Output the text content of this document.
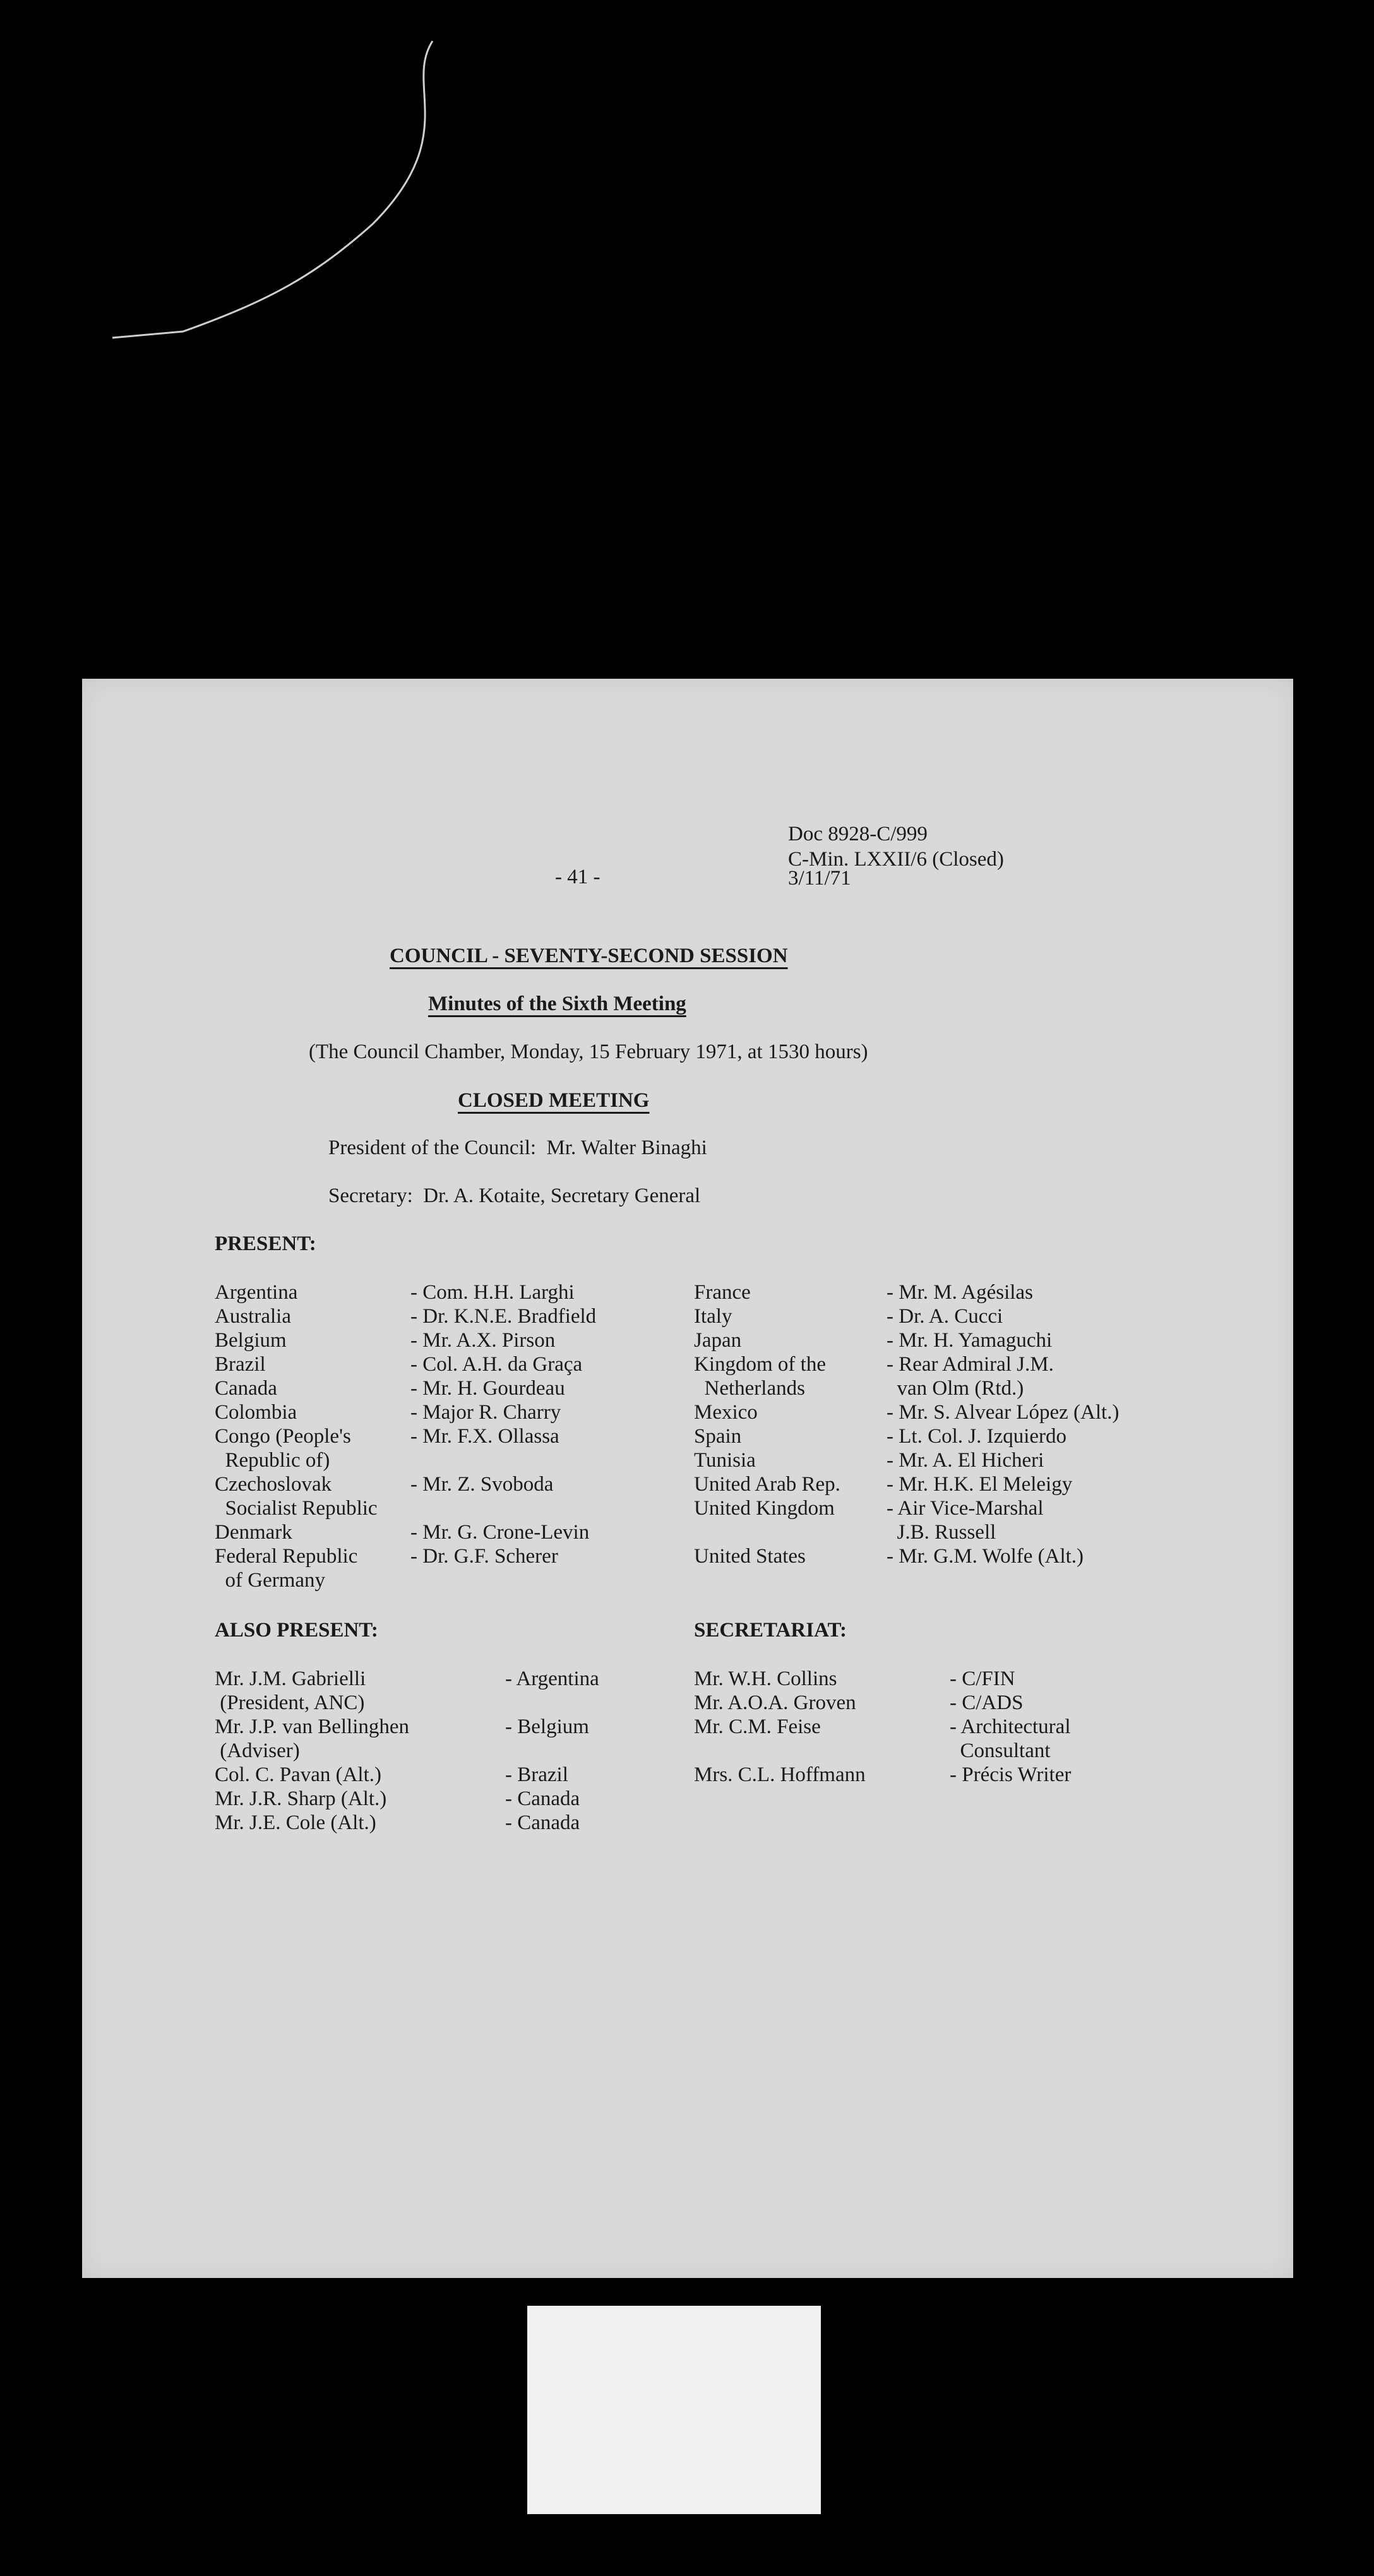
Doc 8928-C/999
C-Min. LXXII/6 (Closed)
- 41 -	3/11/71
COUNCIL - SEVENTY-SECOND SESSION
Minutes of the Sixth Meeting
(The Council Chamber, Monday, 15 February 1971, at 1530 hours)
CLOSED MEETING
President of the Council:  Mr. Walter Binaghi
Secretary:  Dr. A. Kotaite, Secretary General
PRESENT:
Argentina	- Com. H.H. Larghi
Australia	- Dr. K.N.E. Bradfield
Belgium	- Mr. A.X. Pirson
Brazil	- Col. A.H. da Graça
Canada	- Mr. H. Gourdeau
Colombia	- Major R. Charry
Congo (People's	- Mr. F.X. Ollassa
Republic of)
Czechoslovak	- Mr. Z. Svoboda
Socialist Republic
Denmark	- Mr. G. Crone-Levin
Federal Republic	- Dr. G.F. Scherer
of Germany
France	- Mr. M. Agésilas
Italy	- Dr. A. Cucci
Japan	- Mr. H. Yamaguchi
Kingdom of the	- Rear Admiral J.M.
Netherlands	van Olm (Rtd.)
Mexico	- Mr. S. Alvear López (Alt.)
Spain	- Lt. Col. J. Izquierdo
Tunisia	- Mr. A. El Hicheri
United Arab Rep. - Mr. H.K. El Meleigy
United Kingdom - Air Vice-Marshal
J.B. Russell
United States	- Mr. G.M. Wolfe (Alt.)
ALSO PRESENT:	SECRETARIAT:
Mr. J.M. Gabrielli	- Argentina
(President, ANC)
Mr. J.P. van Bellinghen	- Belgium
(Adviser)
Col. C. Pavan (Alt.)	- Brazil
Mr. J.R. Sharp (Alt.)	- Canada
Mr. J.E. Cole (Alt.)	- Canada
Mr. W.H. Collins	- C/FIN
Mr. A.O.A. Groven	- C/ADS
Mr. C.M. Feise	- Architectural
Consultant
Mrs. C.L. Hoffmann	- Précis Writer
